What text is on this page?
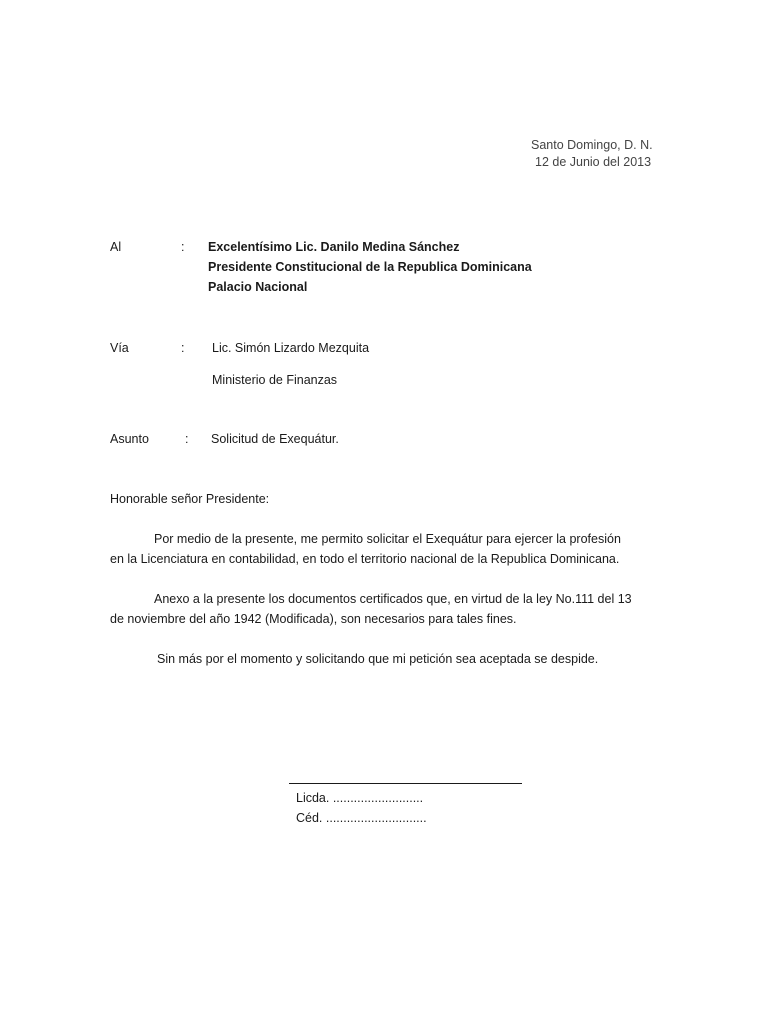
Santo Domingo, D. N.
12 de Junio del 2013
Al	: Excelentísimo Lic. Danilo Medina Sánchez
Presidente Constitucional de la Republica Dominicana
Palacio Nacional
Vía	: Lic. Simón Lizardo Mezquita
Ministerio de Finanzas
Asunto	: Solicitud de Exequátur.
Honorable señor Presidente:
Por medio de la presente, me permito solicitar el Exequátur para ejercer la profesión
en la Licenciatura en contabilidad, en todo el territorio nacional de la Republica Dominicana.
Anexo a la presente los documentos certificados que, en virtud de la ley No.111 del 13
de noviembre del año 1942 (Modificada), son necesarios para tales fines.
Sin más por el momento y solicitando que mi petición sea aceptada se despide.
Licda. ..........................
Céd. .............................
